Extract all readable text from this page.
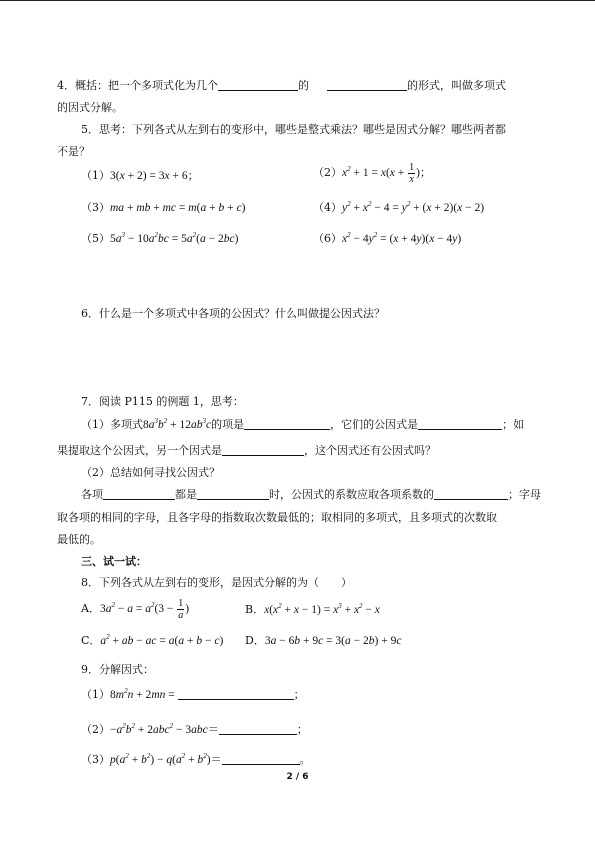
4．概括：把一个多项式化为几个	的	的形式，叫做多项式
的因式分解。
5．思考：下列各式从左到右的变形中，哪些是整式乘法？哪些是因式分解？哪些两者都
不是？
（1）3(x + 2) = 3x + 6；	$(2)x^2 + 1 = x(x + \frac{1}{x}$ )；
（3）ma + mb + mc = m(a + b + c)	$(4)y^2 + x^2 - 4 = y^2 + (x + 2)(x - 2)$
$(5)5a^3 - 10a^2bc = 5a^2(a - 2bc)$	$(6)x^2 - 4y^2 = (x + 4y)(x - 4y)$
6．什么是一个多项式中各项的公因式？什么叫做提公因式法？
7．阅读 P115 的例题 1，思考：
（1）多项式$8a^3b^2 + 12ab^3c$的项是	，它们的公因式是	；如
果提取这个公因式，另一个因式是	，这个因式还有公因式吗？
（2）总结如何寻找公因式？
各项	都是	时，公因式的系数应取各项系数的	；字母
取各项的相同的字母，且各字母的指数取次数最低的；取相同的多项式，且多项式的次数取
最低的。
三、试一试：
8．下列各式从左到右的变形，是因式分解的为（　　）
A．$3a^2 - a = a^2(3 - \frac{1}{a}$ )	B．$x(x^2 + x - 1) = x^3 + x^2 - x$
C．$a^2$ + ab − ac = a(a + b − c) D．3a − 6b + 9c = 3(a − 2b) + 9c
9．分解因式：
$(1)8m^2n + 2mn$ =	；
$(2)-a^2b^2 + 2abc^2 - 3abc=$	；
$(3)p(a^2 + b^2) - q(a^2 + b^2)=$	。
2 / 6
